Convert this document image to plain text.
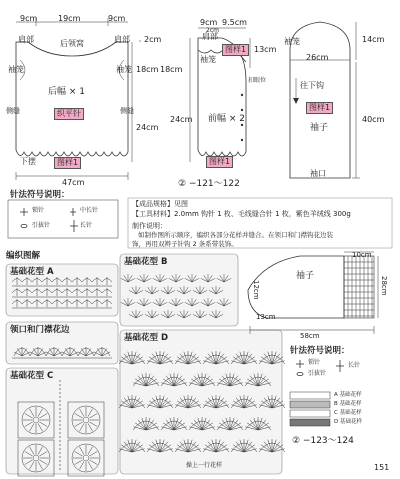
9cm	19cm	9cm
肩部	后领窝	肩部 2cm
袖笼	袖笼 18cm 18cm
后幅 × 1
织平针
侧缝	侧缝
24cm
下摆	图样1
47cm
9cm 9.5cm
肩部
2cm
图样1 13cm
袖笼
扣眼位
前幅 × 2
24cm
图样1
② −121～122
袖笼	14cm
26cm
往下钩
图样1
袖子
40cm
袖口
针法符号说明：
锁针	中长针
引拔针	长针
【成品规格】见图
【工具材料】2.0mm 钩针 1 枚、毛线缝合针 1 枚，紫色羊绒线 300g
制作说明：
如制作图所示顺序，编织各部分花样并缝合。在领口和门襟钩花边装
饰，再用双辫子针钩 2 条系带装饰。
编织图解
基础花型 A
领口和门襟花边
基础花型 C
基础花型 B
基础花型 D
操上一行花样
袖子
10cm
12cm	28cm
13cm
58cm
针法符号说明：
锁针	长针
引拔针
A 基础花样
B 基础花样
C 基础花样
D 基础花样
② −123～124
151
